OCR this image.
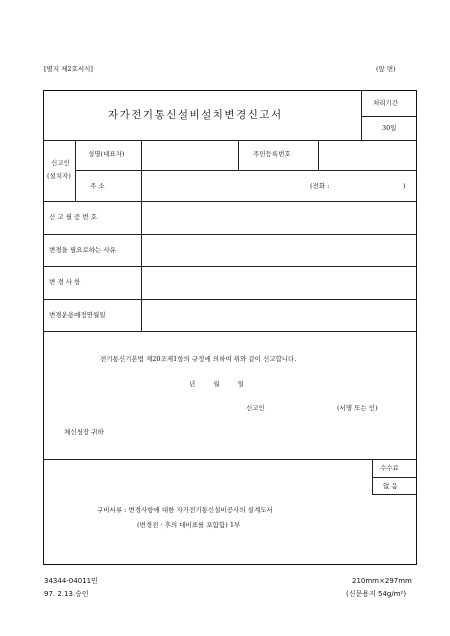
[별지 제2호서식]	(앞 면)
자가전기통신설비설치변경신고서
처리기간
30일
신고인
(설치자)
성명(대표자)	주민등록번호
주 소	(전화 :	)
신 고 필 증 번 호
변경을 필요로하는 사유
변 경 사 항
변경운용예정연월일
전기통신기본법 제20조제1항의 규정에 의하여 위와 같이 신고합니다.
년 월 일
신고인	(서명 또는 인)
체신청장 귀하
수수료
없 음
구비서류 : 변경사항에 대한 자가전기통신설비공사의 설계도서
(변경전 · 후의 대비표를 포함함) 1부
34344-04011민
97. 2.13.승인
210mm×297mm
(신문용지 54g/m²)
